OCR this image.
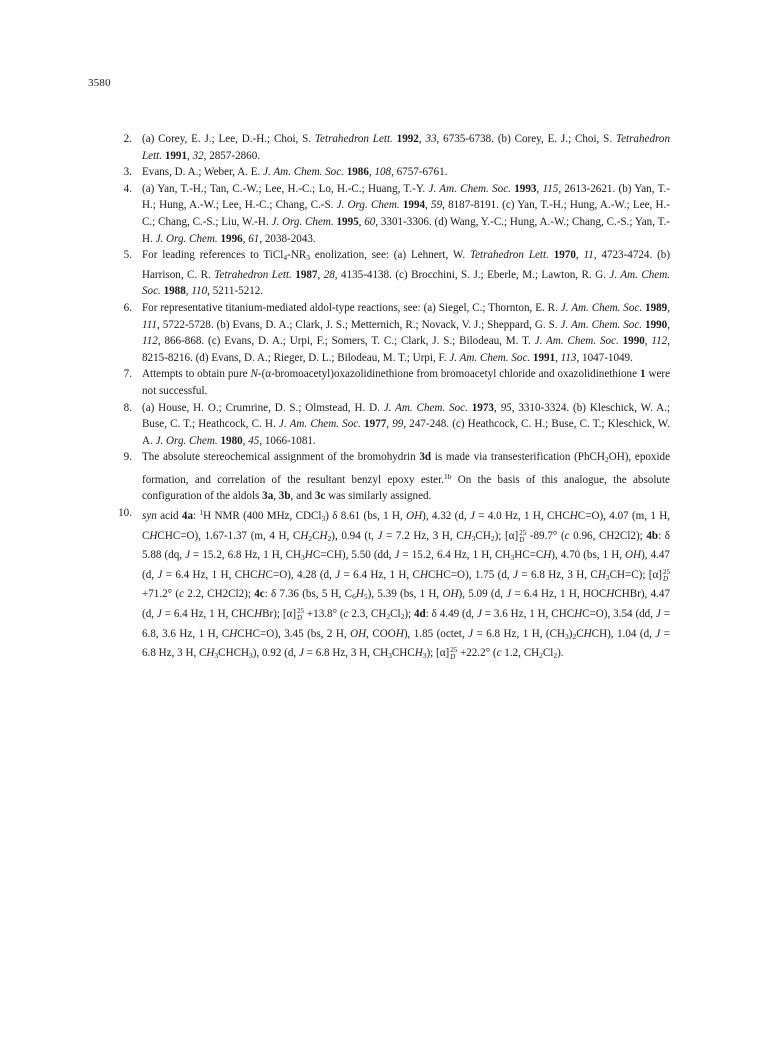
3580
2. (a) Corey, E. J.; Lee, D.-H.; Choi, S. Tetrahedron Lett. 1992, 33, 6735-6738. (b) Corey, E. J.; Choi, S. Tetrahedron Lett. 1991, 32, 2857-2860.
3. Evans, D. A.; Weber, A. E. J. Am. Chem. Soc. 1986, 108, 6757-6761.
4. (a) Yan, T.-H.; Tan, C.-W.; Lee, H.-C.; Lo, H.-C.; Huang, T.-Y. J. Am. Chem. Soc. 1993, 115, 2613-2621. (b) Yan, T.-H.; Hung, A.-W.; Lee, H.-C.; Chang, C.-S. J. Org. Chem. 1994, 59, 8187-8191. (c) Yan, T.-H.; Hung, A.-W.; Lee, H.-C.; Chang, C.-S.; Liu, W.-H. J. Org. Chem. 1995, 60, 3301-3306. (d) Wang, Y.-C.; Hung, A.-W.; Chang, C.-S.; Yan, T.-H. J. Org. Chem. 1996, 61, 2038-2043.
5. For leading references to $TiCl_4-NR_3$ enolization, see: (a) Lehnert, W. Tetrahedron Lett. 1970, 11, 4723-4724. (b) Harrison, C. R. Tetrahedron Lett. 1987, 28, 4135-4138. (c) Brocchini, S. J.; Eberle, M.; Lawton, R. G. J. Am. Chem. Soc. 1988, 110, 5211-5212.
6. For representative titanium-mediated aldol-type reactions, see: (a) Siegel, C.; Thornton, E. R. J. Am. Chem. Soc. 1989, 111, 5722-5728. (b) Evans, D. A.; Clark, J. S.; Metternich, R.; Novack, V. J.; Sheppard, G. S. J. Am. Chem. Soc. 1990, 112, 866-868. (c) Evans, D. A.; Urpi, F.; Somers, T. C.; Clark, J. S.; Bilodeau, M. T. J. Am. Chem. Soc. 1990, 112, 8215-8216. (d) Evans, D. A.; Rieger, D. L.; Bilodeau, M. T.; Urpi, F. J. Am. Chem. Soc. 1991, 113, 1047-1049.
7. Attempts to obtain pure N-(α-bromoacetyl)oxazolidinethione from bromoacetyl chloride and oxazolidinethione 1 were not successful.
8. (a) House, H. O.; Crumrine, D. S.; Olmstead, H. D. J. Am. Chem. Soc. 1973, 95, 3310-3324. (b) Kleschick, W. A.; Buse, C. T.; Heathcock, C. H. J. Am. Chem. Soc. 1977, 99, 247-248. (c) Heathcock, C. H.; Buse, C. T.; Kleschick, W. A. J. Org. Chem. 1980, 45, 1066-1081.
9. The absolute stereochemical assignment of the bromohydrin 3d is made via transesterification (PhCH$_2$OH), epoxide formation, and correlation of the resultant benzyl epoxy ester.$^{1b}$ On the basis of this analogue, the absolute configuration of the aldols 3a, 3b, and 3c was similarly assigned.
10. syn acid 4a: $^1$H NMR (400 MHz, CDCl$_3$) δ 8.61 (bs, 1 H, OH), 4.32 (d, J = 4.0 Hz, 1 H, CHCHC=O), 4.07 (m, 1 H, CHCHC=O), 1.67-1.37 (m, 4 H, $CH_2CH_2$), 0.94 (t, J = 7.2 Hz, 3 H, $CH_3CH_2$); [α] 25
D -89.7° (c 0.96, CH2Cl2); 4b: δ 5.88 (dq, J = 15.2, 6.8 Hz, 1 H, $CH_3HC=CH$), 5.50 (dd, J = 15.2, 6.4 Hz, 1 H, $CH_3HC=CH$), 4.70 (bs, 1 H, OH), 4.47 (d, J = 6.4 Hz, 1 H, CHCHC=O), 4.28 (d, J = 6.4 Hz, 1 H, CHCHC=O), 1.75 (d, J = 6.8 Hz, 3 H, $CH_3CH=C$); [α] 25
D
+71.2° (c 2.2, CH2Cl2); 4c: δ 7.36 (bs, 5 H, $C_6H_5$), 5.39 (bs, 1 H, OH), 5.09 (d, J = 6.4 Hz, 1 H, HOCHCHBr), 4.47 (d, J = 6.4 Hz, 1 H, CHCHBr); [α] 25
D +13.8° (c 2.3, $CH_2Cl_2$); 4d: δ 4.49 (d, J = 3.6 Hz, 1 H, CHCHC=O), 3.54 (dd, J = 6.8, 3.6 Hz, 1 H, CHCHC=O), 3.45 (bs, 2 H, OH, COOH), 1.85 (octet, J = 6.8 Hz, 1 H, $(CH_3)_2CHCH$), 1.04 (d, J = 6.8 Hz, 3 H, $CH_3CHCH_3$), 0.92 (d, J = 6.8 Hz, 3 H, $CH_3CHCH_3$); [α] 25
D +22.2° (c 1.2, $CH_2Cl_2$).
